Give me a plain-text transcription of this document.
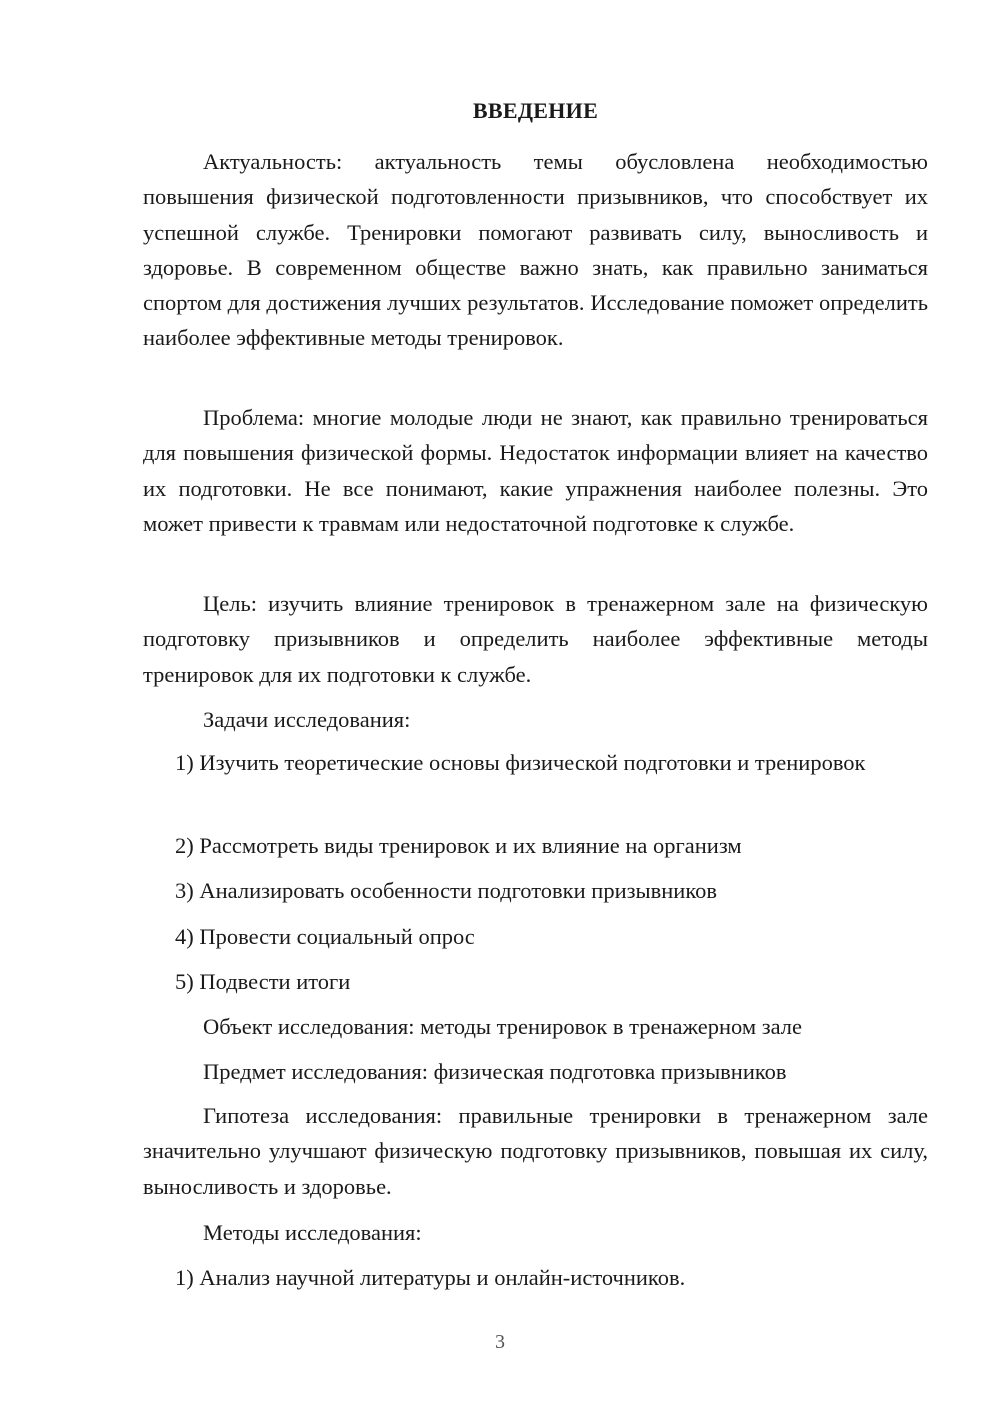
ВВЕДЕНИЕ

Актуальность: актуальность темы обусловлена необходимостью повышения физической подготовленности призывников, что способствует их успешной службе. Тренировки помогают развивать силу, выносливость и здоровье. В современном обществе важно знать, как правильно заниматься спортом для достижения лучших результатов. Исследование поможет определить наиболее эффективные методы тренировок.

Проблема: многие молодые люди не знают, как правильно тренироваться для повышения физической формы. Недостаток информации влияет на качество их подготовки. Не все понимают, какие упражнения наиболее полезны. Это может привести к травмам или недостаточной подготовке к службе.

Цель: изучить влияние тренировок в тренажерном зале на физическую подготовку призывников и определить наиболее эффективные методы тренировок для их подготовки к службе.

Задачи исследования:

1) Изучить теоретические основы физической подготовки и тренировок

2) Рассмотреть виды тренировок и их влияние на организм
3) Анализировать особенности подготовки призывников
4) Провести социальный опрос
5) Подвести итоги
Объект исследования: методы тренировок в тренажерном зале
Предмет исследования: физическая подготовка призывников

Гипотеза исследования: правильные тренировки в тренажерном зале значительно улучшают физическую подготовку призывников, повышая их силу, выносливость и здоровье.

Методы исследования:
1) Анализ научной литературы и онлайн-источников.
3
